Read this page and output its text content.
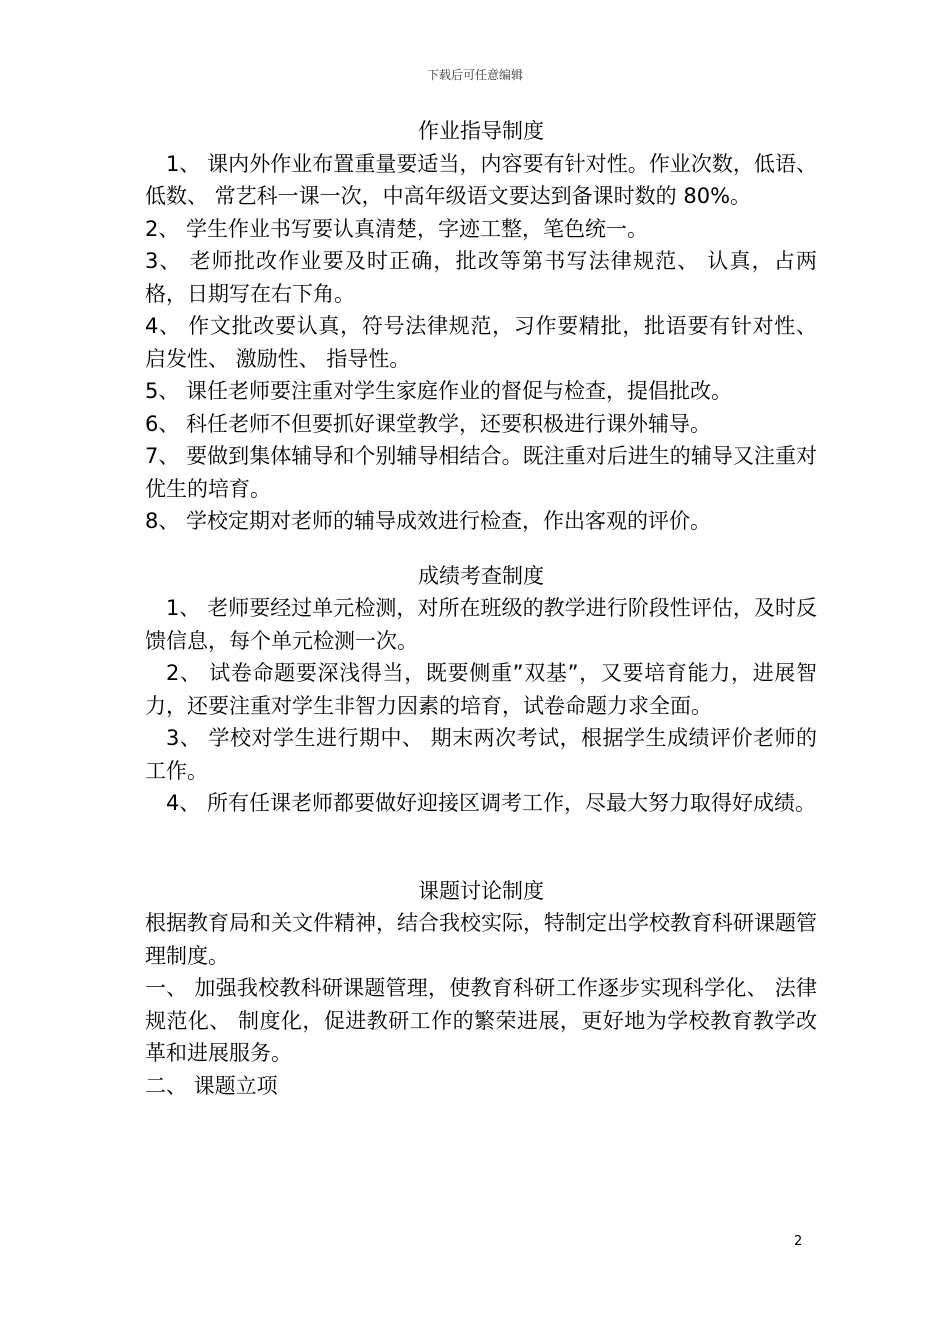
下载后可任意编辑

作业指导制度

1、 课内外作业布置重量要适当，内容要有针对性。作业次数，低语、 低数、 常艺科一课一次，中高年级语文要达到备课时数的 80%。

2、 学生作业书写要认真清楚，字迹工整，笔色统一。

3、 老师批改作业要及时正确，批改等第书写法律规范、 认真，占两格，日期写在右下角。

4、 作文批改要认真，符号法律规范，习作要精批，批语要有针对性、 启发性、 激励性、 指导性。

5、 课任老师要注重对学生家庭作业的督促与检查，提倡批改。

6、 科任老师不但要抓好课堂教学，还要积极进行课外辅导。

7、 要做到集体辅导和个别辅导相结合。既注重对后进生的辅导又注重对优生的培育。

8、 学校定期对老师的辅导成效进行检查，作出客观的评价。

成绩考查制度

1、 老师要经过单元检测，对所在班级的教学进行阶段性评估，及时反馈信息，每个单元检测一次。

2、 试卷命题要深浅得当，既要侧重”双基”，又要培育能力，进展智力，还要注重对学生非智力因素的培育，试卷命题力求全面。

3、 学校对学生进行期中、 期末两次考试，根据学生成绩评价老师的工作。

4、 所有任课老师都要做好迎接区调考工作，尽最大努力取得好成绩。

课题讨论制度

根据教育局和关文件精神，结合我校实际，特制定出学校教育科研课题管理制度。

一、 加强我校教科研课题管理，使教育科研工作逐步实现科学化、 法律规范化、 制度化，促进教研工作的繁荣进展，更好地为学校教育教学改革和进展服务。

二、 课题立项

2
